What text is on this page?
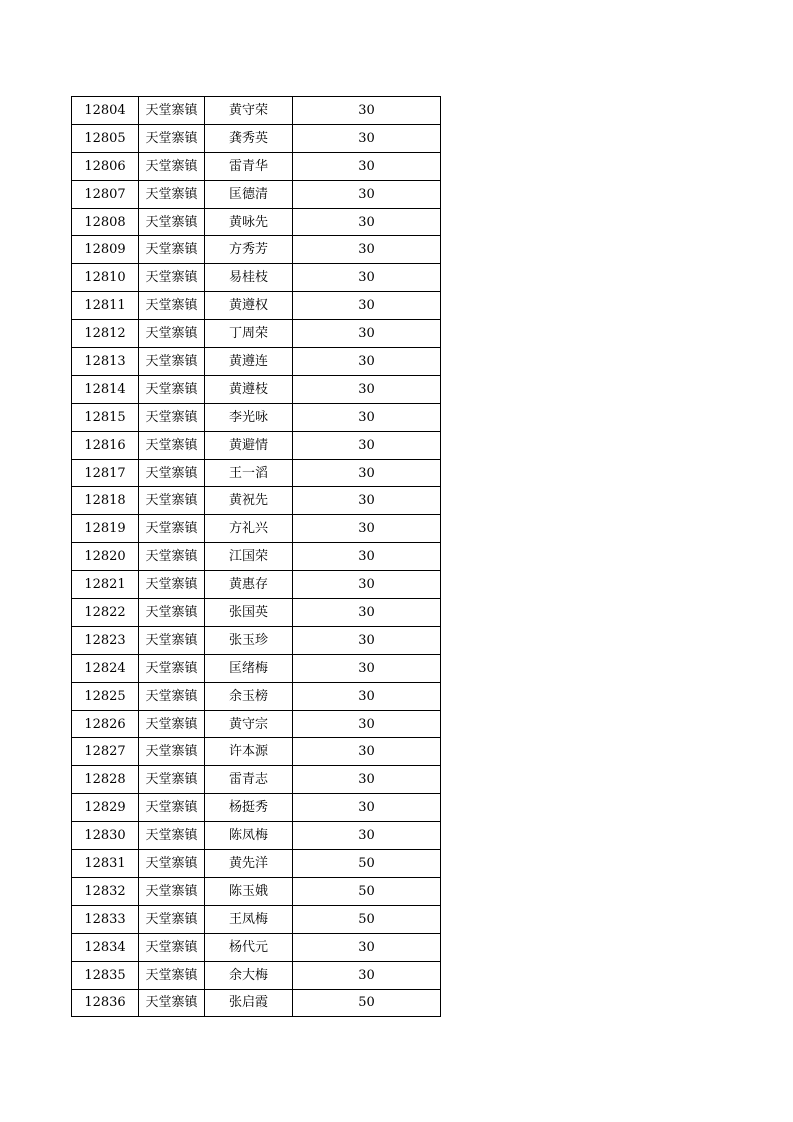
12804	天堂寨镇	黄守荣	30
12805	天堂寨镇	龚秀英	30
12806	天堂寨镇	雷青华	30
12807	天堂寨镇	匡德清	30
12808	天堂寨镇	黄咏先	30
12809	天堂寨镇	方秀芳	30
12810	天堂寨镇	易桂枝	30
12811	天堂寨镇	黄遵权	30
12812	天堂寨镇	丁周荣	30
12813	天堂寨镇	黄遵连	30
12814	天堂寨镇	黄遵枝	30
12815	天堂寨镇	李光咏	30
12816	天堂寨镇	黄避情	30
12817	天堂寨镇	王一滔	30
12818	天堂寨镇	黄祝先	30
12819	天堂寨镇	方礼兴	30
12820	天堂寨镇	江国荣	30
12821	天堂寨镇	黄惠存	30
12822	天堂寨镇	张国英	30
12823	天堂寨镇	张玉珍	30
12824	天堂寨镇	匡绪梅	30
12825	天堂寨镇	余玉榜	30
12826	天堂寨镇	黄守宗	30
12827	天堂寨镇	许本源	30
12828	天堂寨镇	雷青志	30
12829	天堂寨镇	杨挺秀	30
12830	天堂寨镇	陈凤梅	30
12831	天堂寨镇	黄先洋	50
12832	天堂寨镇	陈玉娥	50
12833	天堂寨镇	王凤梅	50
12834	天堂寨镇	杨代元	30
12835	天堂寨镇	余大梅	30
12836	天堂寨镇	张启霞	50
